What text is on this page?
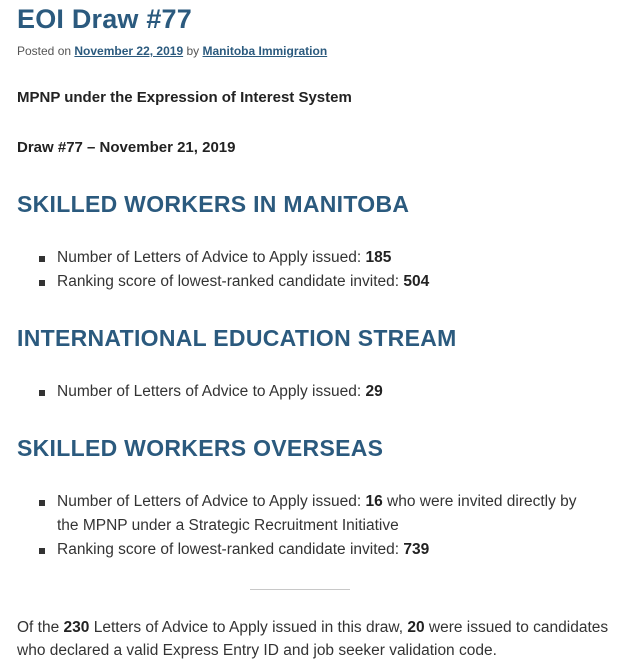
EOI Draw #77
Posted on November 22, 2019 by Manitoba Immigration
MPNP under the Expression of Interest System
Draw #77 – November 21, 2019
SKILLED WORKERS IN MANITOBA
Number of Letters of Advice to Apply issued: 185
Ranking score of lowest-ranked candidate invited: 504
INTERNATIONAL EDUCATION STREAM
Number of Letters of Advice to Apply issued: 29
SKILLED WORKERS OVERSEAS
Number of Letters of Advice to Apply issued: 16 who were invited directly by the MPNP under a Strategic Recruitment Initiative
Ranking score of lowest-ranked candidate invited: 739

Of the 230 Letters of Advice to Apply issued in this draw, 20 were issued to candidates who declared a valid Express Entry ID and job seeker validation code.
